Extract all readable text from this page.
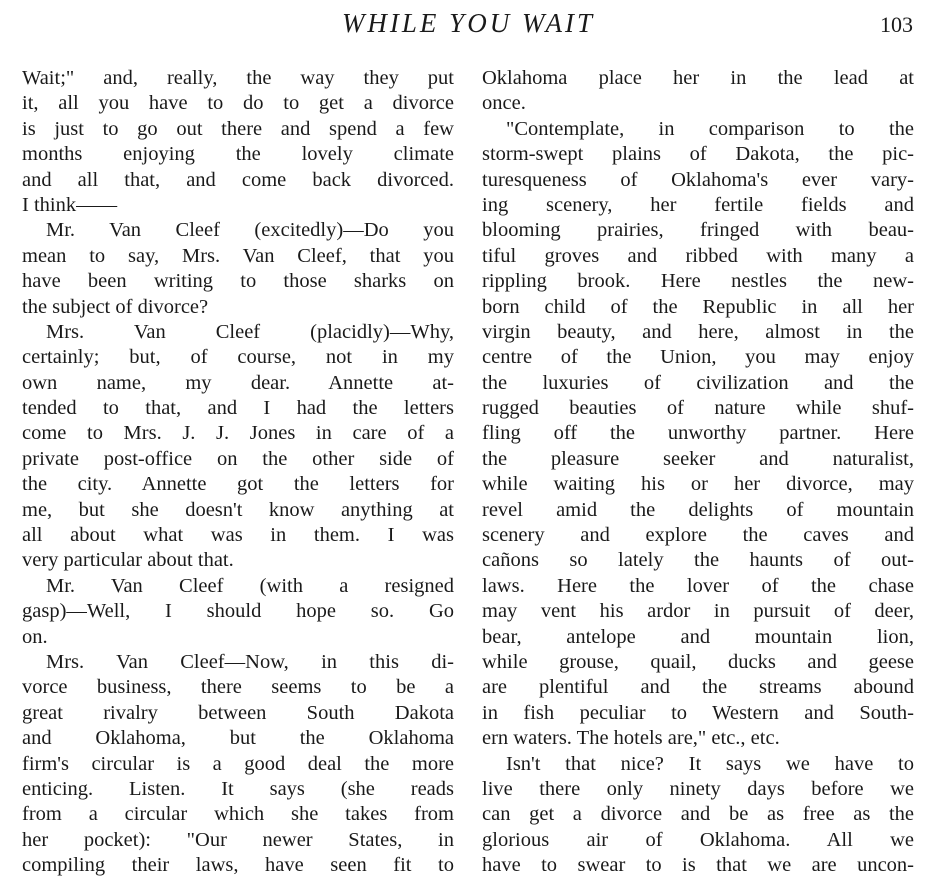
WHILE YOU WAIT	103
Wait;" and, really, the way they put
it, all you have to do to get a divorce
is just to go out there and spend a few
months enjoying the lovely climate
and all that, and come back divorced.
I think——
Mr. Van Cleef (excitedly)—Do you
mean to say, Mrs. Van Cleef, that you
have been writing to those sharks on
the subject of divorce?
Mrs. Van Cleef (placidly)—Why,
certainly; but, of course, not in my
own name, my dear. Annette at-
tended to that, and I had the letters
come to Mrs. J. J. Jones in care of a
private post-office on the other side of
the city. Annette got the letters for
me, but she doesn't know anything at
all about what was in them. I was
very particular about that.
Mr. Van Cleef (with a resigned
gasp)—Well, I should hope so. Go
on.
Mrs. Van Cleef—Now, in this di-
vorce business, there seems to be a
great rivalry between South Dakota
and Oklahoma, but the Oklahoma
firm's circular is a good deal the more
enticing. Listen. It says (she reads
from a circular which she takes from
her pocket): "Our newer States, in
compiling their laws, have seen fit to
Oklahoma place her in the lead at
once.
"Contemplate, in comparison to the
storm-swept plains of Dakota, the pic-
turesqueness of Oklahoma's ever vary-
ing scenery, her fertile fields and
blooming prairies, fringed with beau-
tiful groves and ribbed with many a
rippling brook. Here nestles the new-
born child of the Republic in all her
virgin beauty, and here, almost in the
centre of the Union, you may enjoy
the luxuries of civilization and the
rugged beauties of nature while shuf-
fling off the unworthy partner. Here
the pleasure seeker and naturalist,
while waiting his or her divorce, may
revel amid the delights of mountain
scenery and explore the caves and
cañons so lately the haunts of out-
laws. Here the lover of the chase
may vent his ardor in pursuit of deer,
bear, antelope and mountain lion,
while grouse, quail, ducks and geese
are plentiful and the streams abound
in fish peculiar to Western and South-
ern waters. The hotels are," etc., etc.
Isn't that nice? It says we have to
live there only ninety days before we
can get a divorce and be as free as the
glorious air of Oklahoma. All we
have to swear to is that we are uncon-
